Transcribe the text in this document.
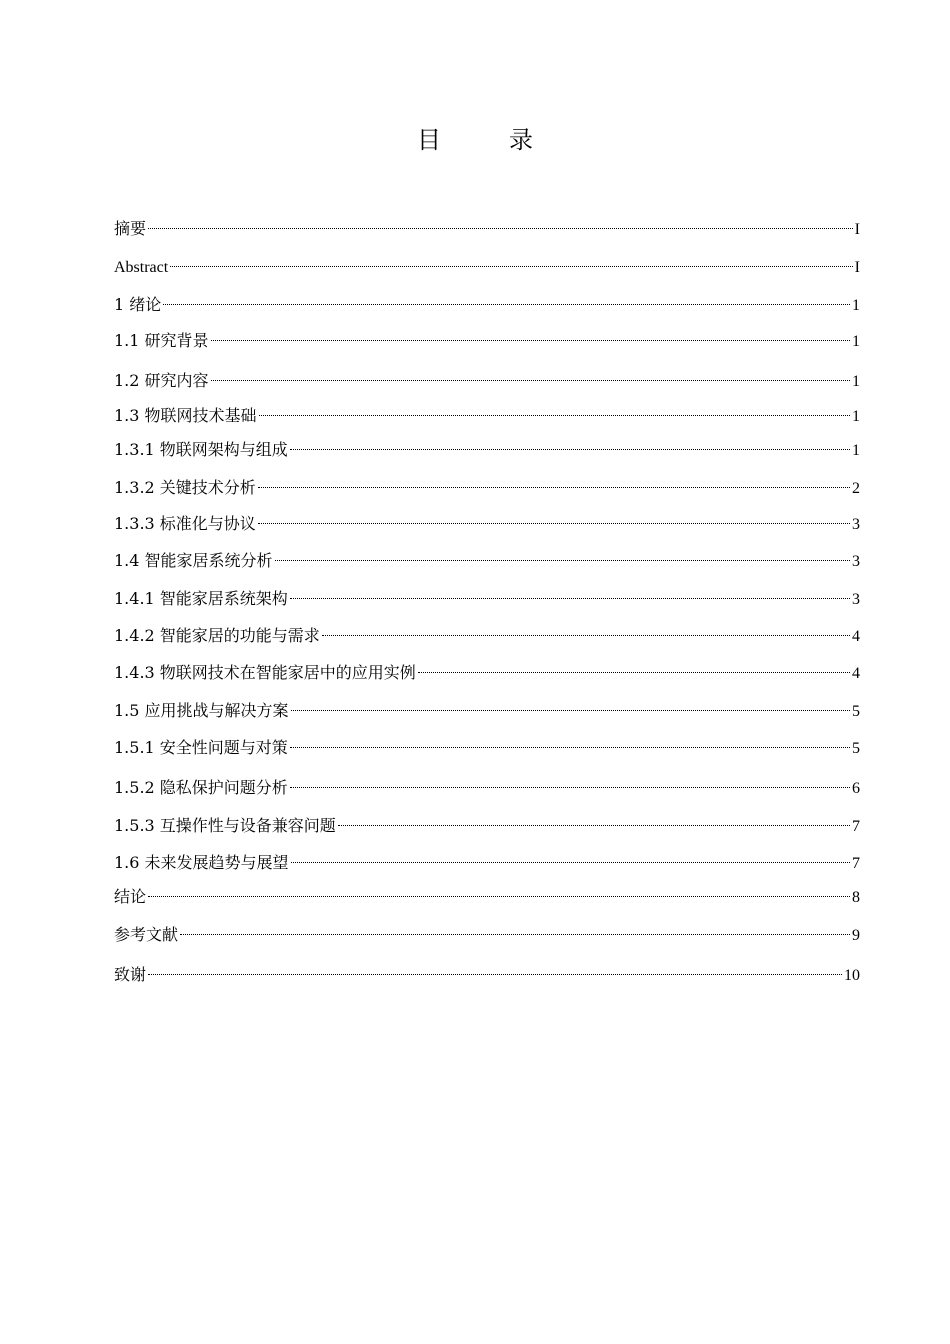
目　录
摘要	I
Abstract	I
1 绪论	1
1.1 研究背景	1
1.2 研究内容	1
1.3 物联网技术基础	1
1.3.1 物联网架构与组成	1
1.3.2 关键技术分析	2
1.3.3 标准化与协议	3
1.4 智能家居系统分析	3
1.4.1 智能家居系统架构	3
1.4.2 智能家居的功能与需求	4
1.4.3 物联网技术在智能家居中的应用实例	4
1.5 应用挑战与解决方案	5
1.5.1 安全性问题与对策	5
1.5.2 隐私保护问题分析	6
1.5.3 互操作性与设备兼容问题	7
1.6 未来发展趋势与展望	7
结论	8
参考文献	9
致谢	10
